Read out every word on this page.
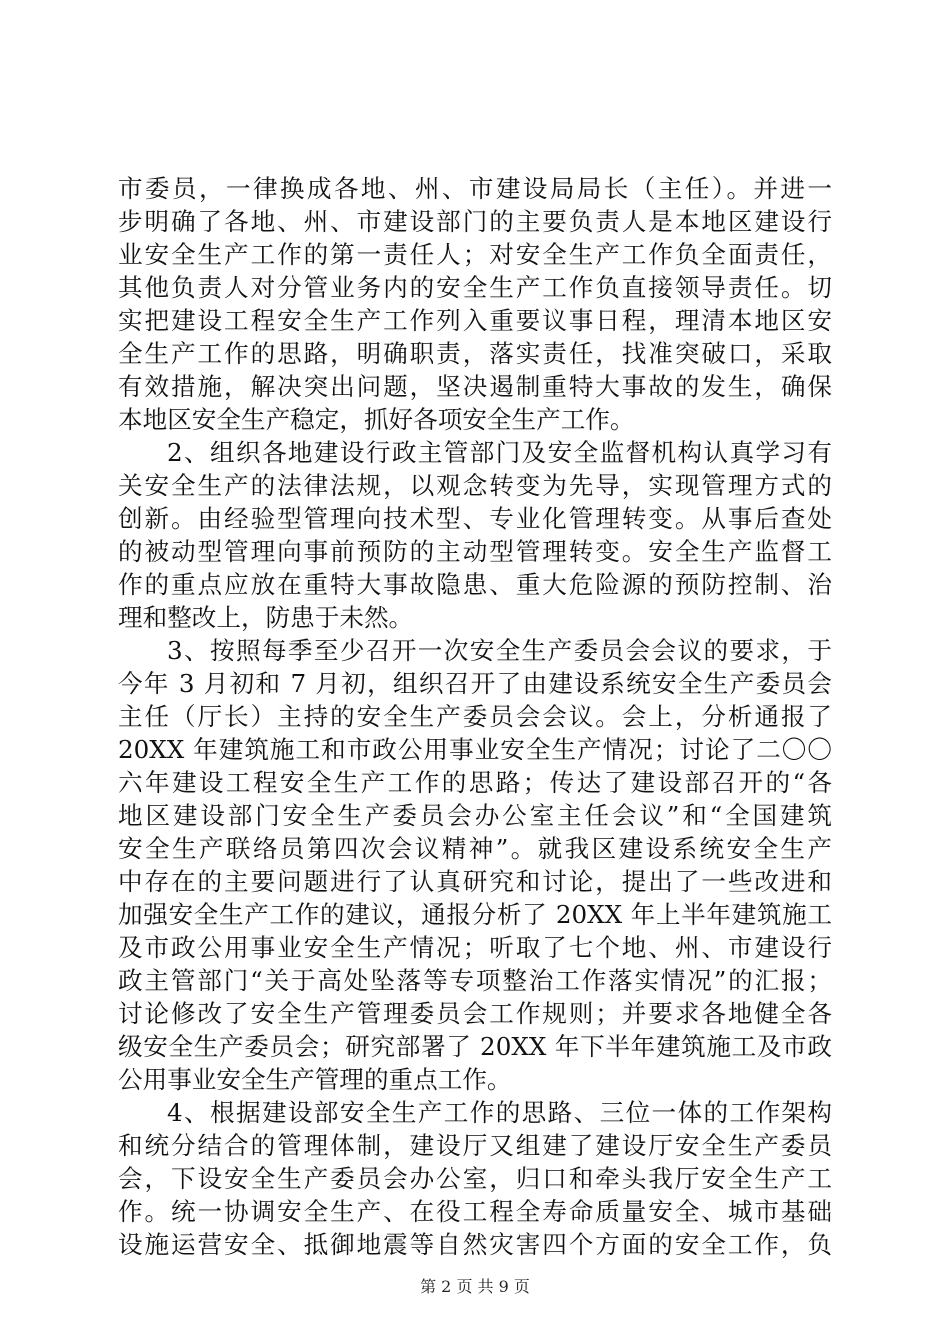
市委员，一律换成各地、州、市建设局局长（主任）。并进一
步明确了各地、州、市建设部门的主要负责人是本地区建设行
业安全生产工作的第一责任人；对安全生产工作负全面责任，
其他负责人对分管业务内的安全生产工作负直接领导责任。切
实把建设工程安全生产工作列入重要议事日程，理清本地区安
全生产工作的思路，明确职责，落实责任，找准突破口，采取
有效措施，解决突出问题，坚决遏制重特大事故的发生，确保
本地区安全生产稳定，抓好各项安全生产工作。
2、组织各地建设行政主管部门及安全监督机构认真学习有
关安全生产的法律法规，以观念转变为先导，实现管理方式的
创新。由经验型管理向技术型、专业化管理转变。从事后查处
的被动型管理向事前预防的主动型管理转变。安全生产监督工
作的重点应放在重特大事故隐患、重大危险源的预防控制、治
理和整改上，防患于未然。
3、按照每季至少召开一次安全生产委员会会议的要求，于
今年 3 月初和 7 月初，组织召开了由建设系统安全生产委员会
主任（厅长）主持的安全生产委员会会议。会上，分析通报了
20XX 年建筑施工和市政公用事业安全生产情况；讨论了二〇〇
六年建设工程安全生产工作的思路；传达了建设部召开的“各
地区建设部门安全生产委员会办公室主任会议”和“全国建筑
安全生产联络员第四次会议精神”。就我区建设系统安全生产
中存在的主要问题进行了认真研究和讨论，提出了一些改进和
加强安全生产工作的建议，通报分析了 20XX 年上半年建筑施工
及市政公用事业安全生产情况；听取了七个地、州、市建设行
政主管部门“关于高处坠落等专项整治工作落实情况”的汇报；
讨论修改了安全生产管理委员会工作规则；并要求各地健全各
级安全生产委员会；研究部署了 20XX 年下半年建筑施工及市政
公用事业安全生产管理的重点工作。
4、根据建设部安全生产工作的思路、三位一体的工作架构
和统分结合的管理体制，建设厅又组建了建设厅安全生产委员
会，下设安全生产委员会办公室，归口和牵头我厅安全生产工
作。统一协调安全生产、在役工程全寿命质量安全、城市基础
设施运营安全、抵御地震等自然灾害四个方面的安全工作，负
第 2 页 共 9 页
